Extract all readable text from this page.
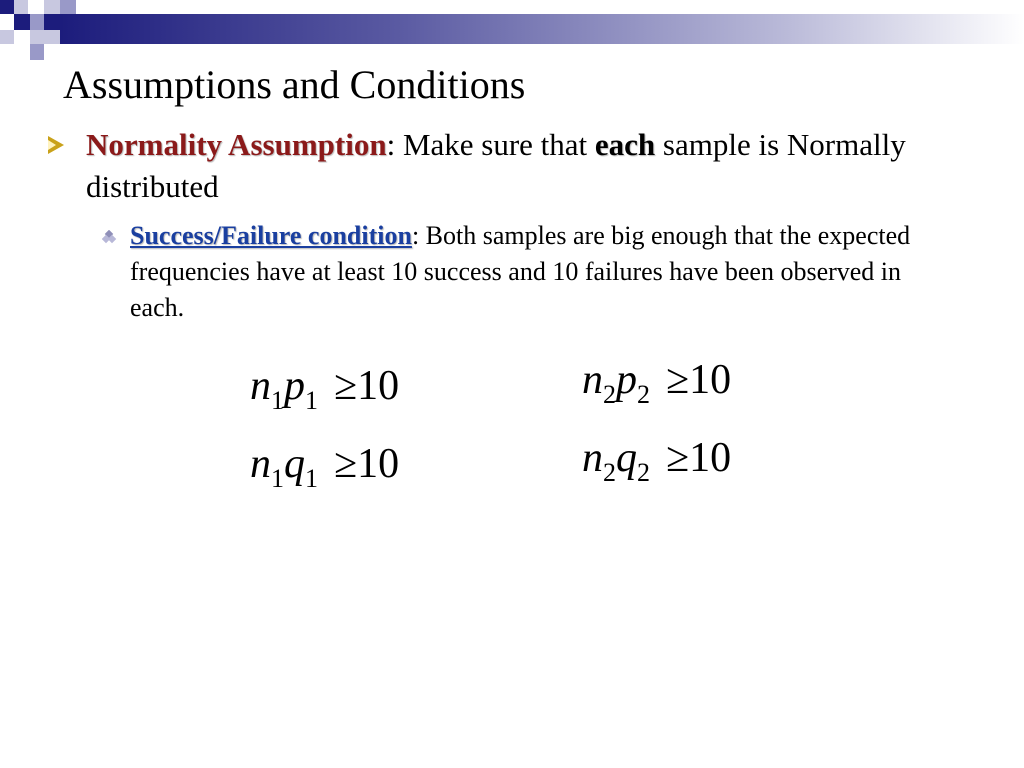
Assumptions and Conditions
Normality Assumption: Make sure that each sample is Normally distributed
Success/Failure condition: Both samples are big enough that the expected frequencies have at least 10 success and 10 failures have been observed in each.
$n_1p_1 \ge 10$
$n_1q_1 \ge 10$
$n_2p_2 \ge 10$
$n_2q_2 \ge 10$
